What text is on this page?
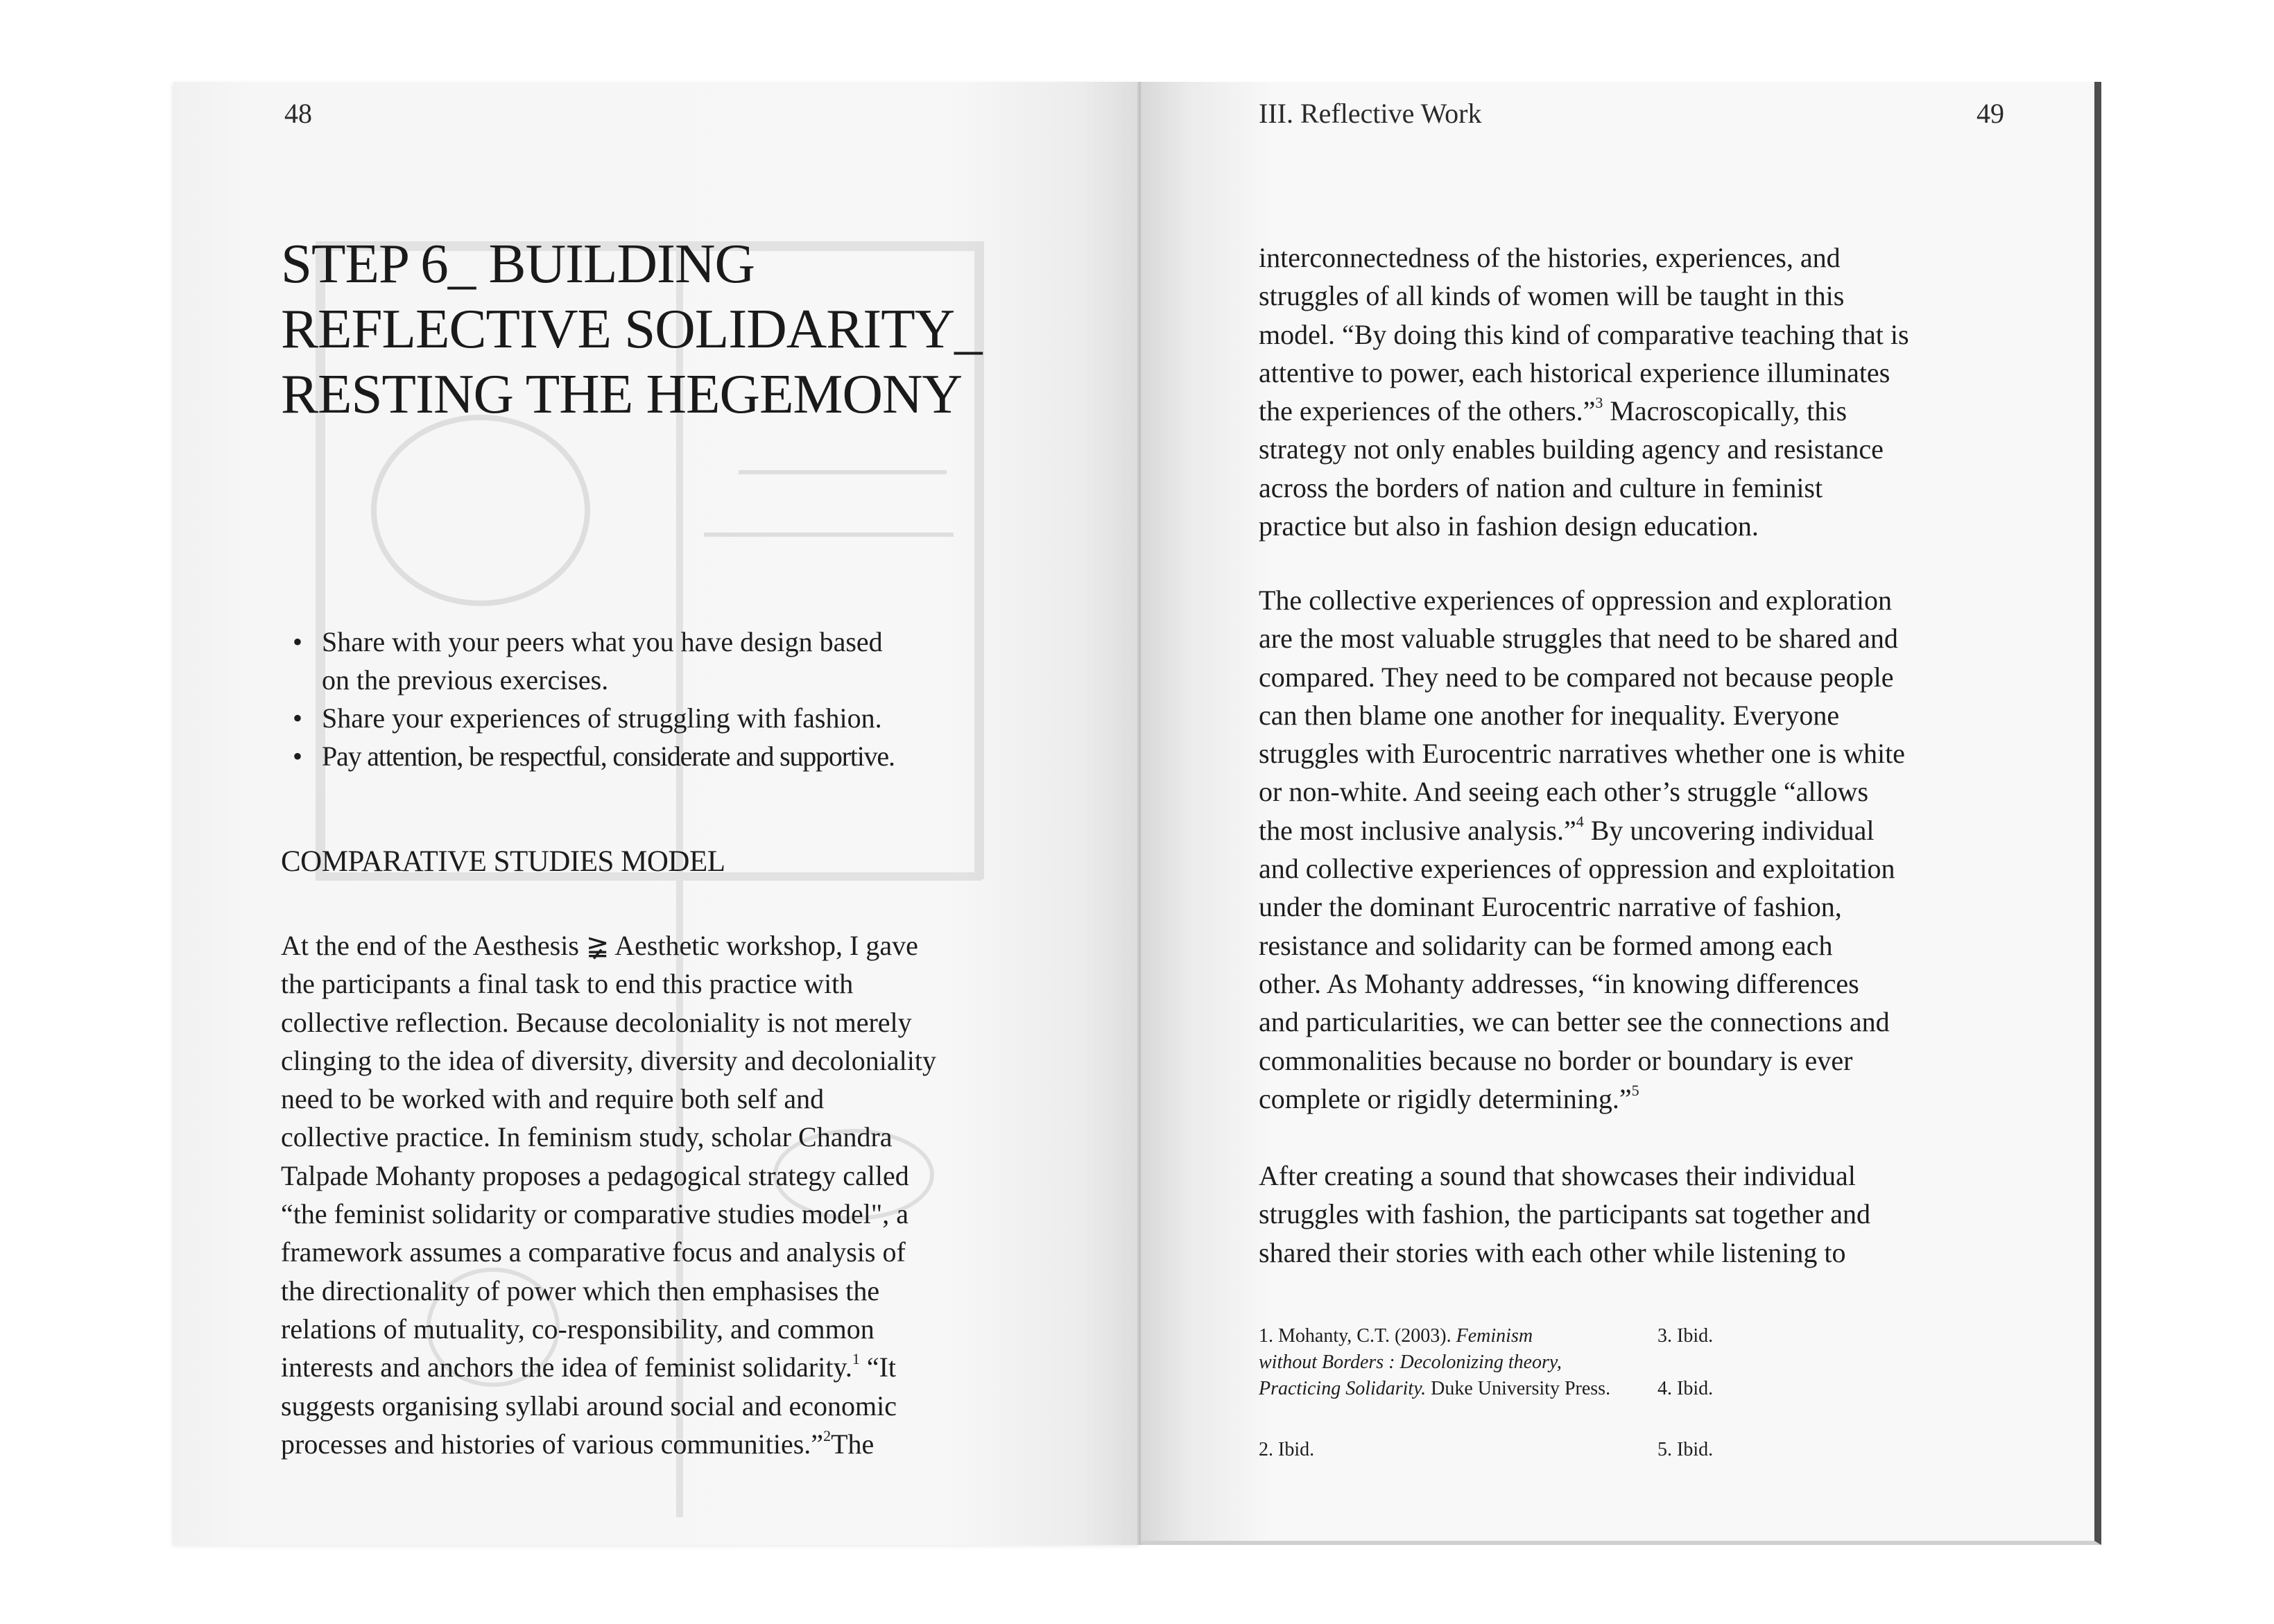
48
STEP 6_ BUILDING
REFLECTIVE SOLIDARITY_
RESTING THE HEGEMONY
• Share with your peers what you have design based
on the previous exercises.
• Share your experiences of struggling with fashion.
• Pay attention, be respectful, considerate and supportive.
COMPARATIVE STUDIES MODEL
At the end of the Aesthesis ≩ Aesthetic workshop, I gave
the participants a final task to end this practice with
collective reflection. Because decoloniality is not merely
clinging to the idea of diversity, diversity and decoloniality
need to be worked with and require both self and
collective practice. In feminism study, scholar Chandra
Talpade Mohanty proposes a pedagogical strategy called
“the feminist solidarity or comparative studies model", a
framework assumes a comparative focus and analysis of
the directionality of power which then emphasises the
relations of mutuality, co-responsibility, and common
interests and anchors the idea of feminist solidarity.$^1$ “It
suggests organising syllabi around social and economic
processes and histories of various communities.”$^2$The
III. Reflective Work	49
interconnectedness of the histories, experiences, and
struggles of all kinds of women will be taught in this
model. “By doing this kind of comparative teaching that is
attentive to power, each historical experience illuminates
the experiences of the others.”$^3$ Macroscopically, this
strategy not only enables building agency and resistance
across the borders of nation and culture in feminist
practice but also in fashion design education.
The collective experiences of oppression and exploration
are the most valuable struggles that need to be shared and
compared. They need to be compared not because people
can then blame one another for inequality. Everyone
struggles with Eurocentric narratives whether one is white
or non-white. And seeing each other’s struggle “allows
the most inclusive analysis.”$^4$ By uncovering individual
and collective experiences of oppression and exploitation
under the dominant Eurocentric narrative of fashion,
resistance and solidarity can be formed among each
other. As Mohanty addresses, “in knowing differences
and particularities, we can better see the connections and
commonalities because no border or boundary is ever
complete or rigidly determining.”$^5$
After creating a sound that showcases their individual
struggles with fashion, the participants sat together and
shared their stories with each other while listening to
1. Mohanty, C.T. (2003). Feminism
without Borders : Decolonizing theory,
Practicing Solidarity. Duke University Press.
2. Ibid.
3. Ibid.
4. Ibid.
5. Ibid.
